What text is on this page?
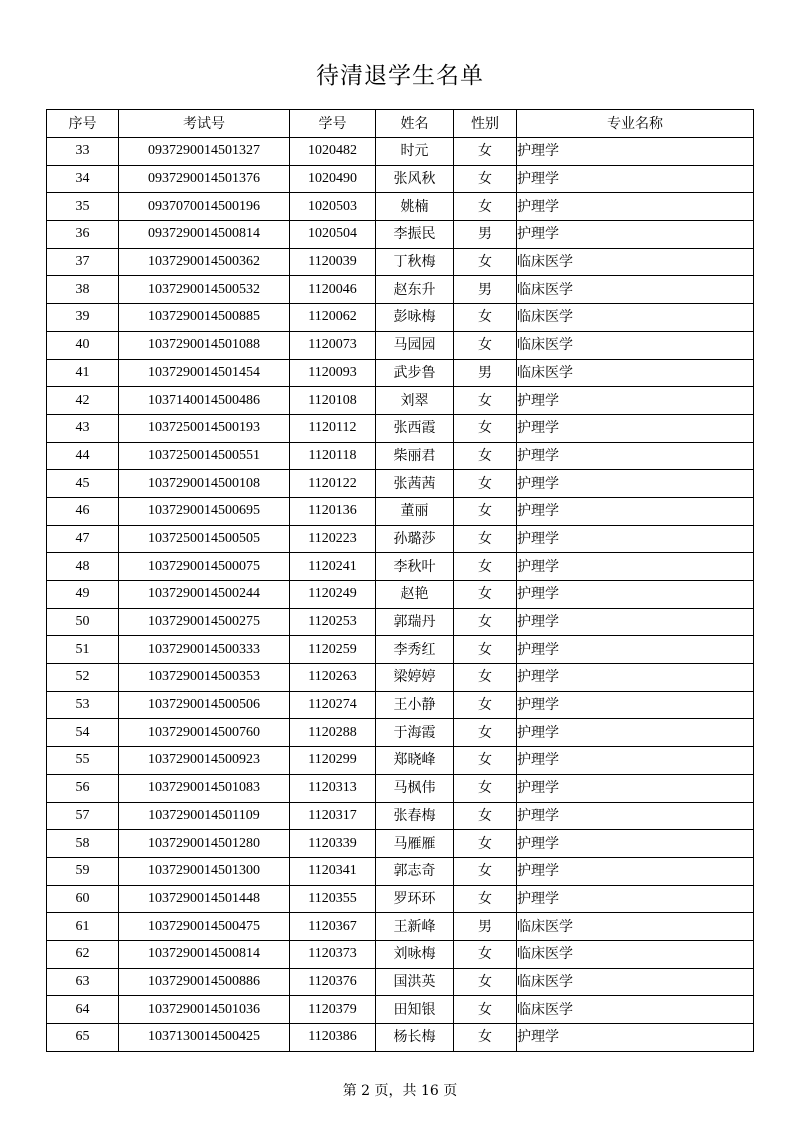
待清退学生名单
序号	考试号	学号	姓名	性别	专业名称
33	0937290014501327	1020482	时元	女	护理学
34	0937290014501376	1020490	张风秋	女	护理学
35	0937070014500196	1020503	姚楠	女	护理学
36	0937290014500814	1020504	李振民	男	护理学
37	1037290014500362	1120039	丁秋梅	女	临床医学
38	1037290014500532	1120046	赵东升	男	临床医学
39	1037290014500885	1120062	彭咏梅	女	临床医学
40	1037290014501088	1120073	马园园	女	临床医学
41	1037290014501454	1120093	武步鲁	男	临床医学
42	1037140014500486	1120108	刘翠	女	护理学
43	1037250014500193	1120112	张西霞	女	护理学
44	1037250014500551	1120118	柴丽君	女	护理学
45	1037290014500108	1120122	张茜茜	女	护理学
46	1037290014500695	1120136	董丽	女	护理学
47	1037250014500505	1120223	孙璐莎	女	护理学
48	1037290014500075	1120241	李秋叶	女	护理学
49	1037290014500244	1120249	赵艳	女	护理学
50	1037290014500275	1120253	郭瑞丹	女	护理学
51	1037290014500333	1120259	李秀红	女	护理学
52	1037290014500353	1120263	梁婷婷	女	护理学
53	1037290014500506	1120274	王小静	女	护理学
54	1037290014500760	1120288	于海霞	女	护理学
55	1037290014500923	1120299	郑晓峰	女	护理学
56	1037290014501083	1120313	马枫伟	女	护理学
57	1037290014501109	1120317	张春梅	女	护理学
58	1037290014501280	1120339	马雁雁	女	护理学
59	1037290014501300	1120341	郭志奇	女	护理学
60	1037290014501448	1120355	罗环环	女	护理学
61	1037290014500475	1120367	王新峰	男	临床医学
62	1037290014500814	1120373	刘咏梅	女	临床医学
63	1037290014500886	1120376	国洪英	女	临床医学
64	1037290014501036	1120379	田知银	女	临床医学
65	1037130014500425	1120386	杨长梅	女	护理学
第 2 页，共 16 页
